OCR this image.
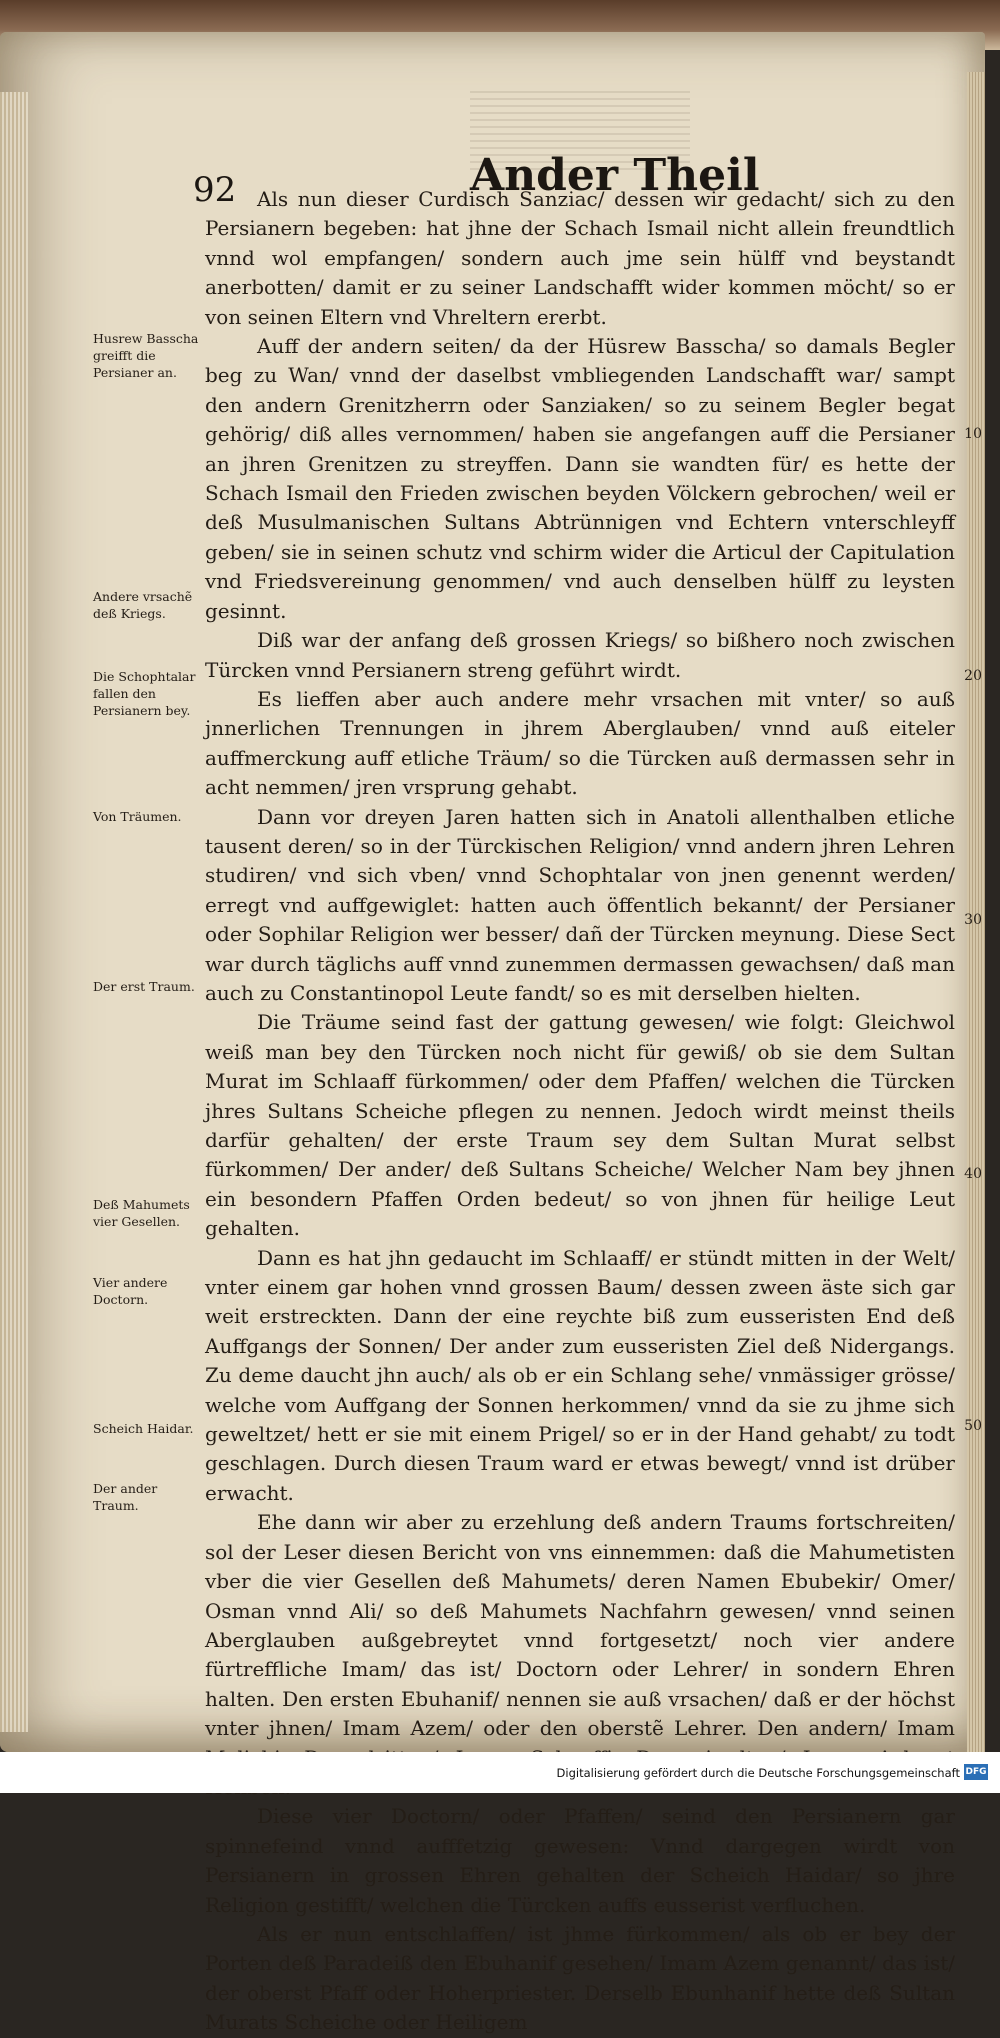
92	Ander Theil

Als nun dieser Curdisch Sanziac/ dessen wir gedacht/ sich zu den Persianern begeben: hat jhne der Schach Ismail nicht allein freundtlich vnnd wol empfangen/ sondern auch jme sein hülff vnd beystandt anerbotten/ damit er zu seiner Landschafft wider kommen möcht/ so er von seinen Eltern vnd Vhreltern ererbt.

Auff der andern seiten/ da der Hüsrew Basscha/ so damals Begler beg zu Wan/ vnnd der daselbst vmbliegenden Landschafft war/ sampt den andern Grenitzherrn oder Sanziaken/ so zu seinem Begler begat gehörig/ diß alles vernommen/ haben sie angefangen auff die Persianer an jhren Grenitzen zu streyffen. Dann sie wandten für/ es hette der Schach Ismail den Frieden zwischen beyden Völckern gebrochen/ weil er deß Musulmanischen Sultans Abtrünnigen vnd Echtern vnterschleyff geben/ sie in seinen schutz vnd schirm wider die Articul der Capitulation vnd Friedsvereinung genommen/ vnd auch denselben hülff zu leysten gesinnt.

Diß war der anfang deß grossen Kriegs/ so bißhero noch zwischen Türcken vnnd Persianern streng geführt wirdt.

Es lieffen aber auch andere mehr vrsachen mit vnter/ so auß jnnerlichen Trennungen in jhrem Aberglauben/ vnnd auß eiteler auffmerckung auff etliche Träum/ so die Türcken auß dermassen sehr in acht nemmen/ jren vrsprung gehabt.

Dann vor dreyen Jaren hatten sich in Anatoli allenthalben etliche tausent deren/ so in der Türckischen Religion/ vnnd andern jhren Lehren studiren/ vnd sich vben/ vnnd Schophtalar von jnen genennt werden/ erregt vnd auffgewiglet: hatten auch öffentlich bekannt/ der Persianer oder Sophilar Religion wer besser/ dañ der Türcken meynung. Diese Sect war durch täglichs auff vnnd zunemmen dermassen gewachsen/ daß man auch zu Constantinopol Leute fandt/ so es mit derselben hielten.

Die Träume seind fast der gattung gewesen/ wie folgt: Gleichwol weiß man bey den Türcken noch nicht für gewiß/ ob sie dem Sultan Murat im Schlaaff fürkommen/ oder dem Pfaffen/ welchen die Türcken jhres Sultans Scheiche pflegen zu nennen. Jedoch wirdt meinst theils darfür gehalten/ der erste Traum sey dem Sultan Murat selbst fürkommen/ Der ander/ deß Sultans Scheiche/ Welcher Nam bey jhnen ein besondern Pfaffen Orden bedeut/ so von jhnen für heilige Leut gehalten.

Dann es hat jhn gedaucht im Schlaaff/ er stündt mitten in der Welt/ vnter einem gar hohen vnnd grossen Baum/ dessen zween äste sich gar weit erstreckten. Dann der eine reychte biß zum eusseristen End deß Auffgangs der Sonnen/ Der ander zum eusseristen Ziel deß Nidergangs. Zu deme daucht jhn auch/ als ob er ein Schlang sehe/ vnmässiger grösse/ welche vom Auffgang der Sonnen herkommen/ vnnd da sie zu jhme sich geweltzet/ hett er sie mit einem Prigel/ so er in der Hand gehabt/ zu todt geschlagen. Durch diesen Traum ward er etwas bewegt/ vnnd ist drüber erwacht.

Ehe dann wir aber zu erzehlung deß andern Traums fortschreiten/ sol der Leser diesen Bericht von vns einnemmen: daß die Mahumetisten vber die vier Gesellen deß Mahumets/ deren Namen Ebubekir/ Omer/ Osman vnnd Ali/ so deß Mahumets Nachfahrn gewesen/ vnnd seinen Aberglauben außgebreytet vnnd fortgesetzt/ noch vier andere fürtreffliche Imam/ das ist/ Doctorn oder Lehrer/ in sondern Ehren halten. Den ersten Ebuhanif/ nennen sie auß vrsachen/ daß er der höchst vnter jhnen/ Imam Azem/ oder den oberstẽ Lehrer. Den andern/ Imam

Diese vier Doctorn/ oder Pfaffen/ seind den Persianern gar spinnefeind vnnd aufffetzig gewesen: Vnnd dargegen wirdt von Persianern in grossen Ehren gehalten der Scheich Haidar/ so jhre Religion gestifft/ welchen die Türcken auffs eusserist verfluchen.

Als er nun entschlaffen/ ist jhme fürkommen/ als ob er bey der Porten deß Paradeiß den Ebuhanif gesehen/ Imam Azem genannt/ das ist/ der oberst Pfaff oder Hoherpriester. Derselb Ebunhanif hette deß Sultan Murats Scheiche oder Heiligem

Husrew Basscha greifft die Persianer an.
Andere vrsachẽ deß Kriegs.
Die Schophtalar fallen den Persianern bey.
Von Träumen.
Der erst Traum.
Deß Mahumets vier Gesellen.
Vier andere Doctorn.
Scheich Haidar.
Der ander Traum.
10
20
30
40
50
Digitalisierung gefördert durch die Deutsche Forschungsgemeinschaft DFG
